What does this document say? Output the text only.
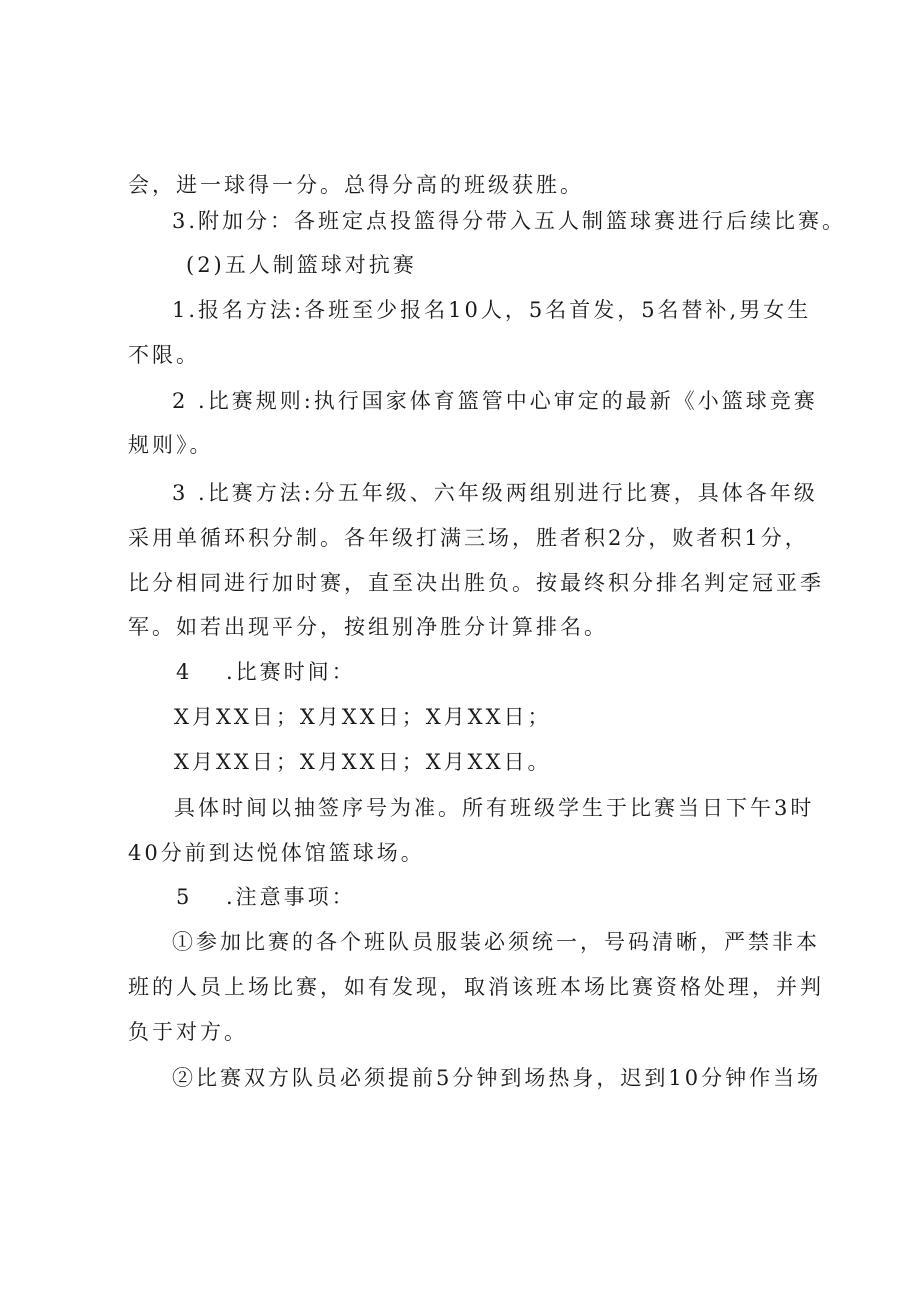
会，进一球得一分。总得分高的班级获胜。
3.附加分：各班定点投篮得分带入五人制篮球赛进行后续比赛。
(2)五人制篮球对抗赛
1.报名方法:各班至少报名10人，5名首发，5名替补,男女生
不限。
2 .比赛规则:执行国家体育篮管中心审定的最新《小篮球竞赛
规则》。
3 .比赛方法:分五年级、六年级两组别进行比赛，具体各年级
采用单循环积分制。各年级打满三场，胜者积2分，败者积1分，
比分相同进行加时赛，直至决出胜负。按最终积分排名判定冠亚季
军。如若出现平分，按组别净胜分计算排名。
4 .比赛时间：
X月XX日；X月XX日；X月XX日；
X月XX日；X月XX日；X月XX日。
具体时间以抽签序号为准。所有班级学生于比赛当日下午3时
40分前到达悦体馆篮球场。
5 .注意事项：
①参加比赛的各个班队员服装必须统一，号码清晰，严禁非本
班的人员上场比赛，如有发现，取消该班本场比赛资格处理，并判
负于对方。
②比赛双方队员必须提前5分钟到场热身，迟到10分钟作当场
